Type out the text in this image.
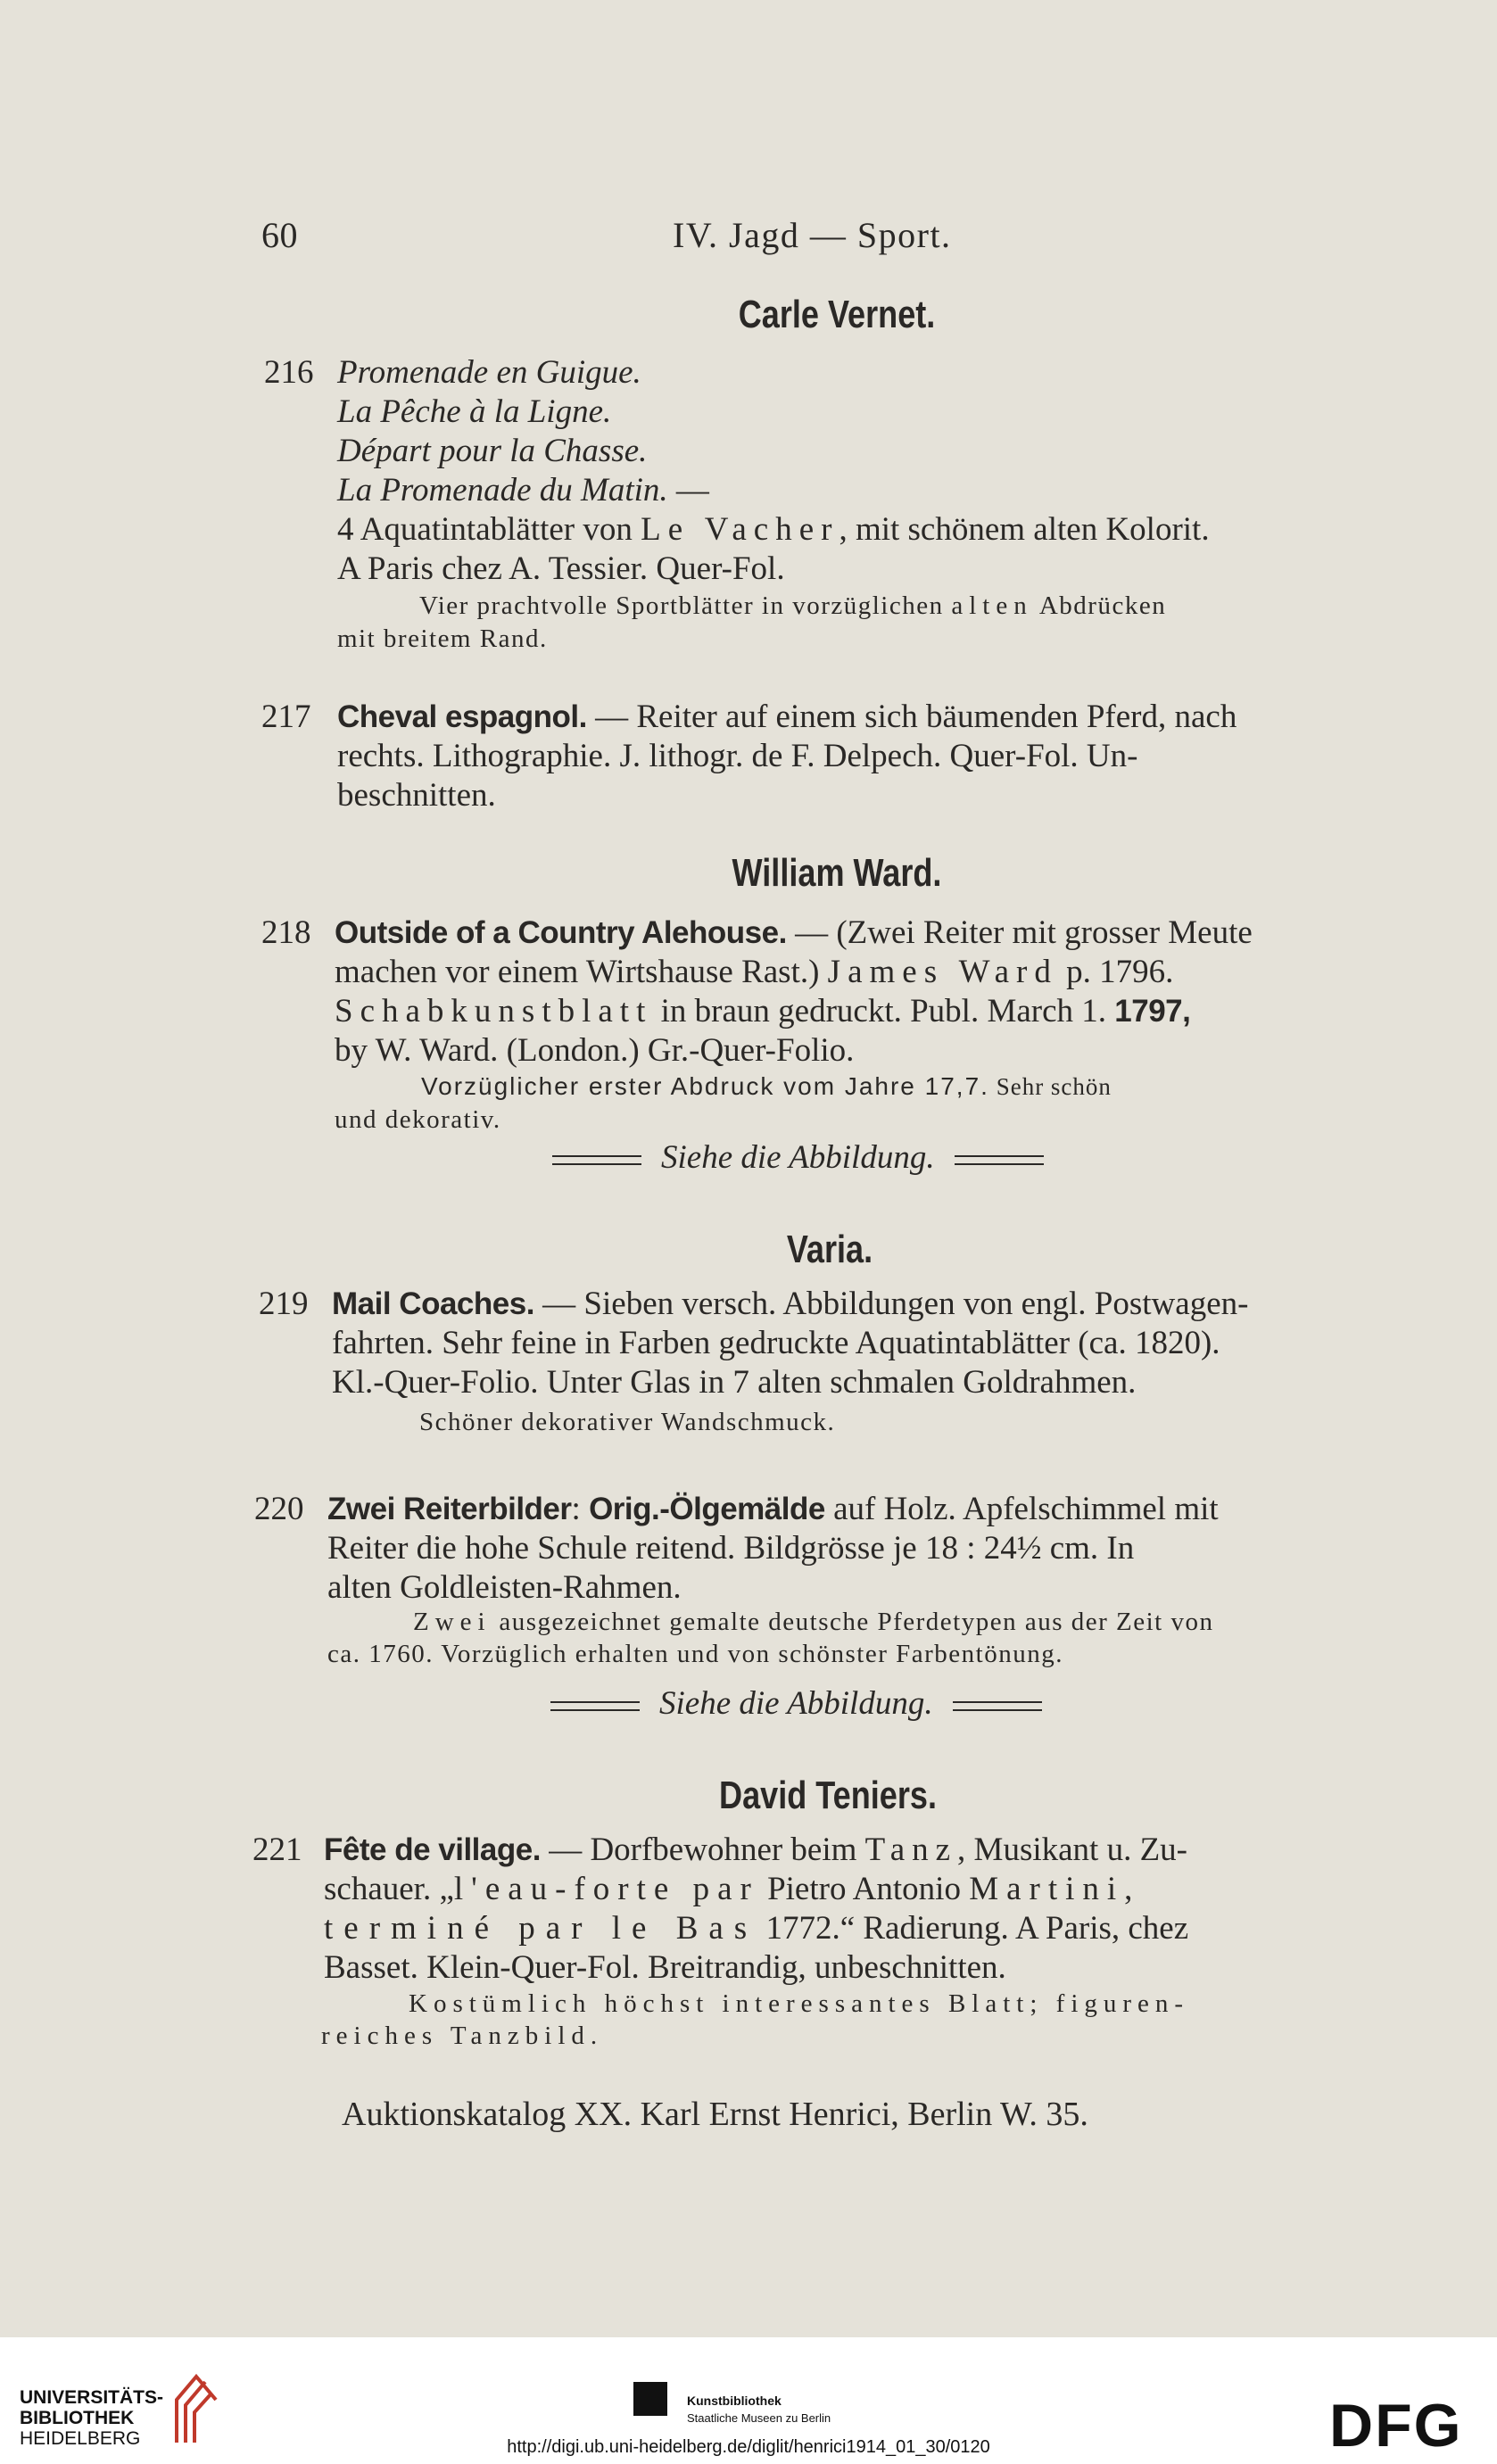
60	IV. Jagd — Sport.
Carle Vernet.
216 Promenade en Guigue.
La Pêche à la Ligne.
Départ pour la Chasse.
La Promenade du Matin. —
4 Aquatintablätter von Le Vacher, mit schönem alten Kolorit.
A Paris chez A. Tessier. Quer-Fol.
Vier prachtvolle Sportblätter in vorzüglichen alten Abdrücken
mit breitem Rand.
217 Cheval espagnol. — Reiter auf einem sich bäumenden Pferd, nach
rechts. Lithographie. J. lithogr. de F. Delpech. Quer-Fol. Un-
beschnitten.
William Ward.
218 Outside of a Country Alehouse. — (Zwei Reiter mit grosser Meute
machen vor einem Wirtshause Rast.) James Ward p. 1796.
Schabkunstblatt in braun gedruckt. Publ. March 1. 1797,
by W. Ward. (London.) Gr.-Quer-Folio.
Vorzüglicher erster Abdruck vom Jahre 17,7. Sehr schön
und dekorativ.
Siehe die Abbildung.
Varia.
219 Mail Coaches. — Sieben versch. Abbildungen von engl. Postwagen-
fahrten. Sehr feine in Farben gedruckte Aquatintablätter (ca. 1820).
Kl.-Quer-Folio. Unter Glas in 7 alten schmalen Goldrahmen.
Schöner dekorativer Wandschmuck.
220 Zwei Reiterbilder: Orig.-Ölgemälde auf Holz. Apfelschimmel mit
Reiter die hohe Schule reitend. Bildgrösse je 18 : 24½ cm. In
alten Goldleisten-Rahmen.
Zwei ausgezeichnet gemalte deutsche Pferdetypen aus der Zeit von
ca. 1760. Vorzüglich erhalten und von schönster Farbentönung.
Siehe die Abbildung.
David Teniers.
221 Fête de village. — Dorfbewohner beim Tanz, Musikant u. Zu-
schauer. „l'eau-forte par Pietro Antonio Martini,
terminé par le Bas 1772.“ Radierung. A Paris, chez
Basset. Klein-Quer-Fol. Breitrandig, unbeschnitten.
Kostümlich höchst interessantes Blatt; figuren-
reiches Tanzbild.
Auktionskatalog XX. Karl Ernst Henrici, Berlin W. 35.
UNIVERSITÄTS-
BIBLIOTHEK
HEIDELBERG
Kunstbibliothek
Staatliche Museen zu Berlin	DFG
http://digi.ub.uni-heidelberg.de/diglit/henrici1914_01_30/0120
